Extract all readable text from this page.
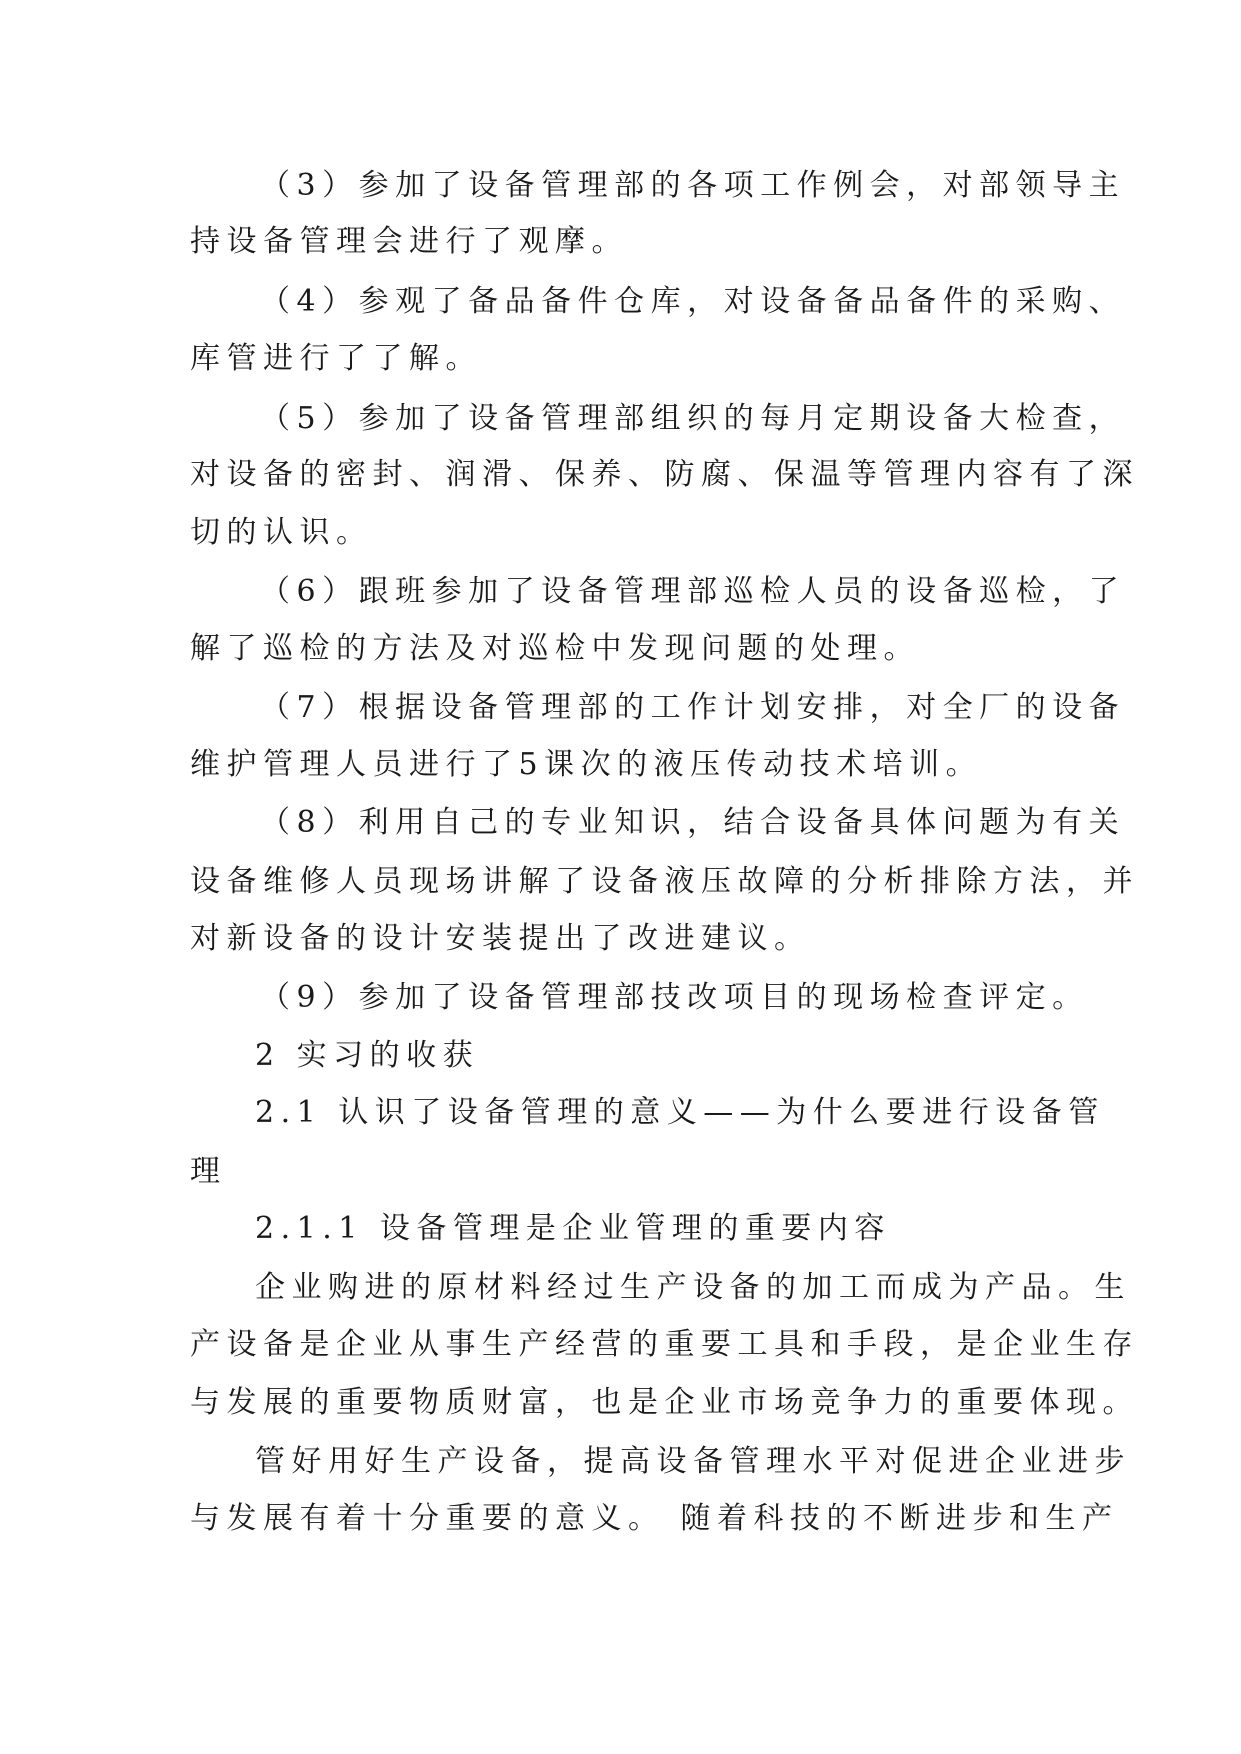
（3）参加了设备管理部的各项工作例会，对部领导主

持设备管理会进行了观摩。

（4）参观了备品备件仓库，对设备备品备件的采购、

库管进行了了解。

（5）参加了设备管理部组织的每月定期设备大检查，

对设备的密封、润滑、保养、防腐、保温等管理内容有了深

切的认识。

（6）跟班参加了设备管理部巡检人员的设备巡检，了

解了巡检的方法及对巡检中发现问题的处理。

（7）根据设备管理部的工作计划安排，对全厂的设备

维护管理人员进行了5课次的液压传动技术培训。

（8）利用自己的专业知识，结合设备具体问题为有关

设备维修人员现场讲解了设备液压故障的分析排除方法，并

对新设备的设计安装提出了改进建议。

（9）参加了设备管理部技改项目的现场检查评定。

2 实习的收获

2.1 认识了设备管理的意义——为什么要进行设备管

理

2.1.1 设备管理是企业管理的重要内容

企业购进的原材料经过生产设备的加工而成为产品。生

产设备是企业从事生产经营的重要工具和手段，是企业生存

与发展的重要物质财富，也是企业市场竞争力的重要体现。

管好用好生产设备，提高设备管理水平对促进企业进步

与发展有着十分重要的意义。 随着科技的不断进步和生产
